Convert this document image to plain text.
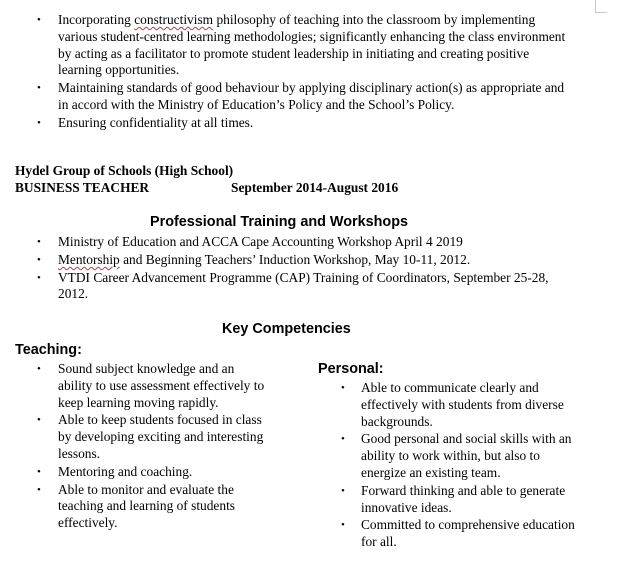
• Incorporating constructivism philosophy of teaching into the classroom by implementing various student-centred learning methodologies; significantly enhancing the class environment by acting as a facilitator to promote student leadership in initiating and creating positive learning opportunities.
• Maintaining standards of good behaviour by applying disciplinary action(s) as appropriate and in accord with the Ministry of Education’s Policy and the School’s Policy.
• Ensuring confidentiality at all times.
Hydel Group of Schools (High School)
BUSINESS TEACHER	September 2014-August 2016
Professional Training and Workshops
• Ministry of Education and ACCA Cape Accounting Workshop April 4 2019
• Mentorship and Beginning Teachers’ Induction Workshop, May 10-11, 2012.
• VTDI Career Advancement Programme (CAP) Training of Coordinators, September 25-28, 2012.
Key Competencies
Teaching:
• Sound subject knowledge and an ability to use assessment effectively to keep learning moving rapidly.
• Able to keep students focused in class by developing exciting and interesting lessons.
• Mentoring and coaching.
• Able to monitor and evaluate the teaching and learning of students effectively.
Personal:
• Able to communicate clearly and effectively with students from diverse backgrounds.
• Good personal and social skills with an ability to work within, but also to energize an existing team.
• Forward thinking and able to generate innovative ideas.
• Committed to comprehensive education for all.
